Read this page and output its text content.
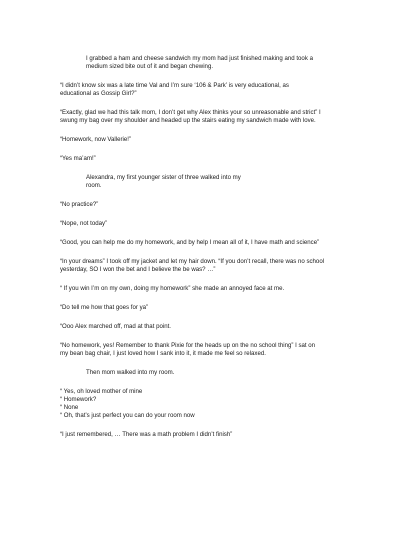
I grabbed a ham and cheese sandwich my mom had just finished making and took a
medium sized bite out of it and began chewing.
“I didn’t know six was a late time Val and I’m sure ‘106 & Park’ is very educational, as
educational as Gossip Girl?”
“Exactly, glad we had this talk mom, I don’t get why Alex thinks your so unreasonable and strict” I
swung my bag over my shoulder and headed up the stairs eating my sandwich made with love.
“Homework, now Vallerie!”
“Yes ma’am!”
Alexandra, my first younger sister of three walked into my
room.
“No practice?”
“Nope, not today”
“Good, you can help me do my homework, and by help I mean all of it, I have math and science”
“In your dreams” I took off my jacket and let my hair down. “If you don’t recall, there was no school
yesterday, SO I won the bet and I believe the be was? …”
“ If you win I’m on my own, doing my homework” she made an annoyed face at me.
“Do tell me how that goes for ya”
“Ooo Alex marched off, mad at that point.
“No homework, yes! Remember to thank Pixie for the heads up on the no school thing” I sat on
my bean bag chair, I just loved how I sank into it, it made me feel so relaxed.
Then mom walked into my room.
“ Yes, oh loved mother of mine
“ Homework?
“ None
“ Oh, that’s just perfect you can do your room now
“I just remembered, … There was a math problem I didn’t finish”
